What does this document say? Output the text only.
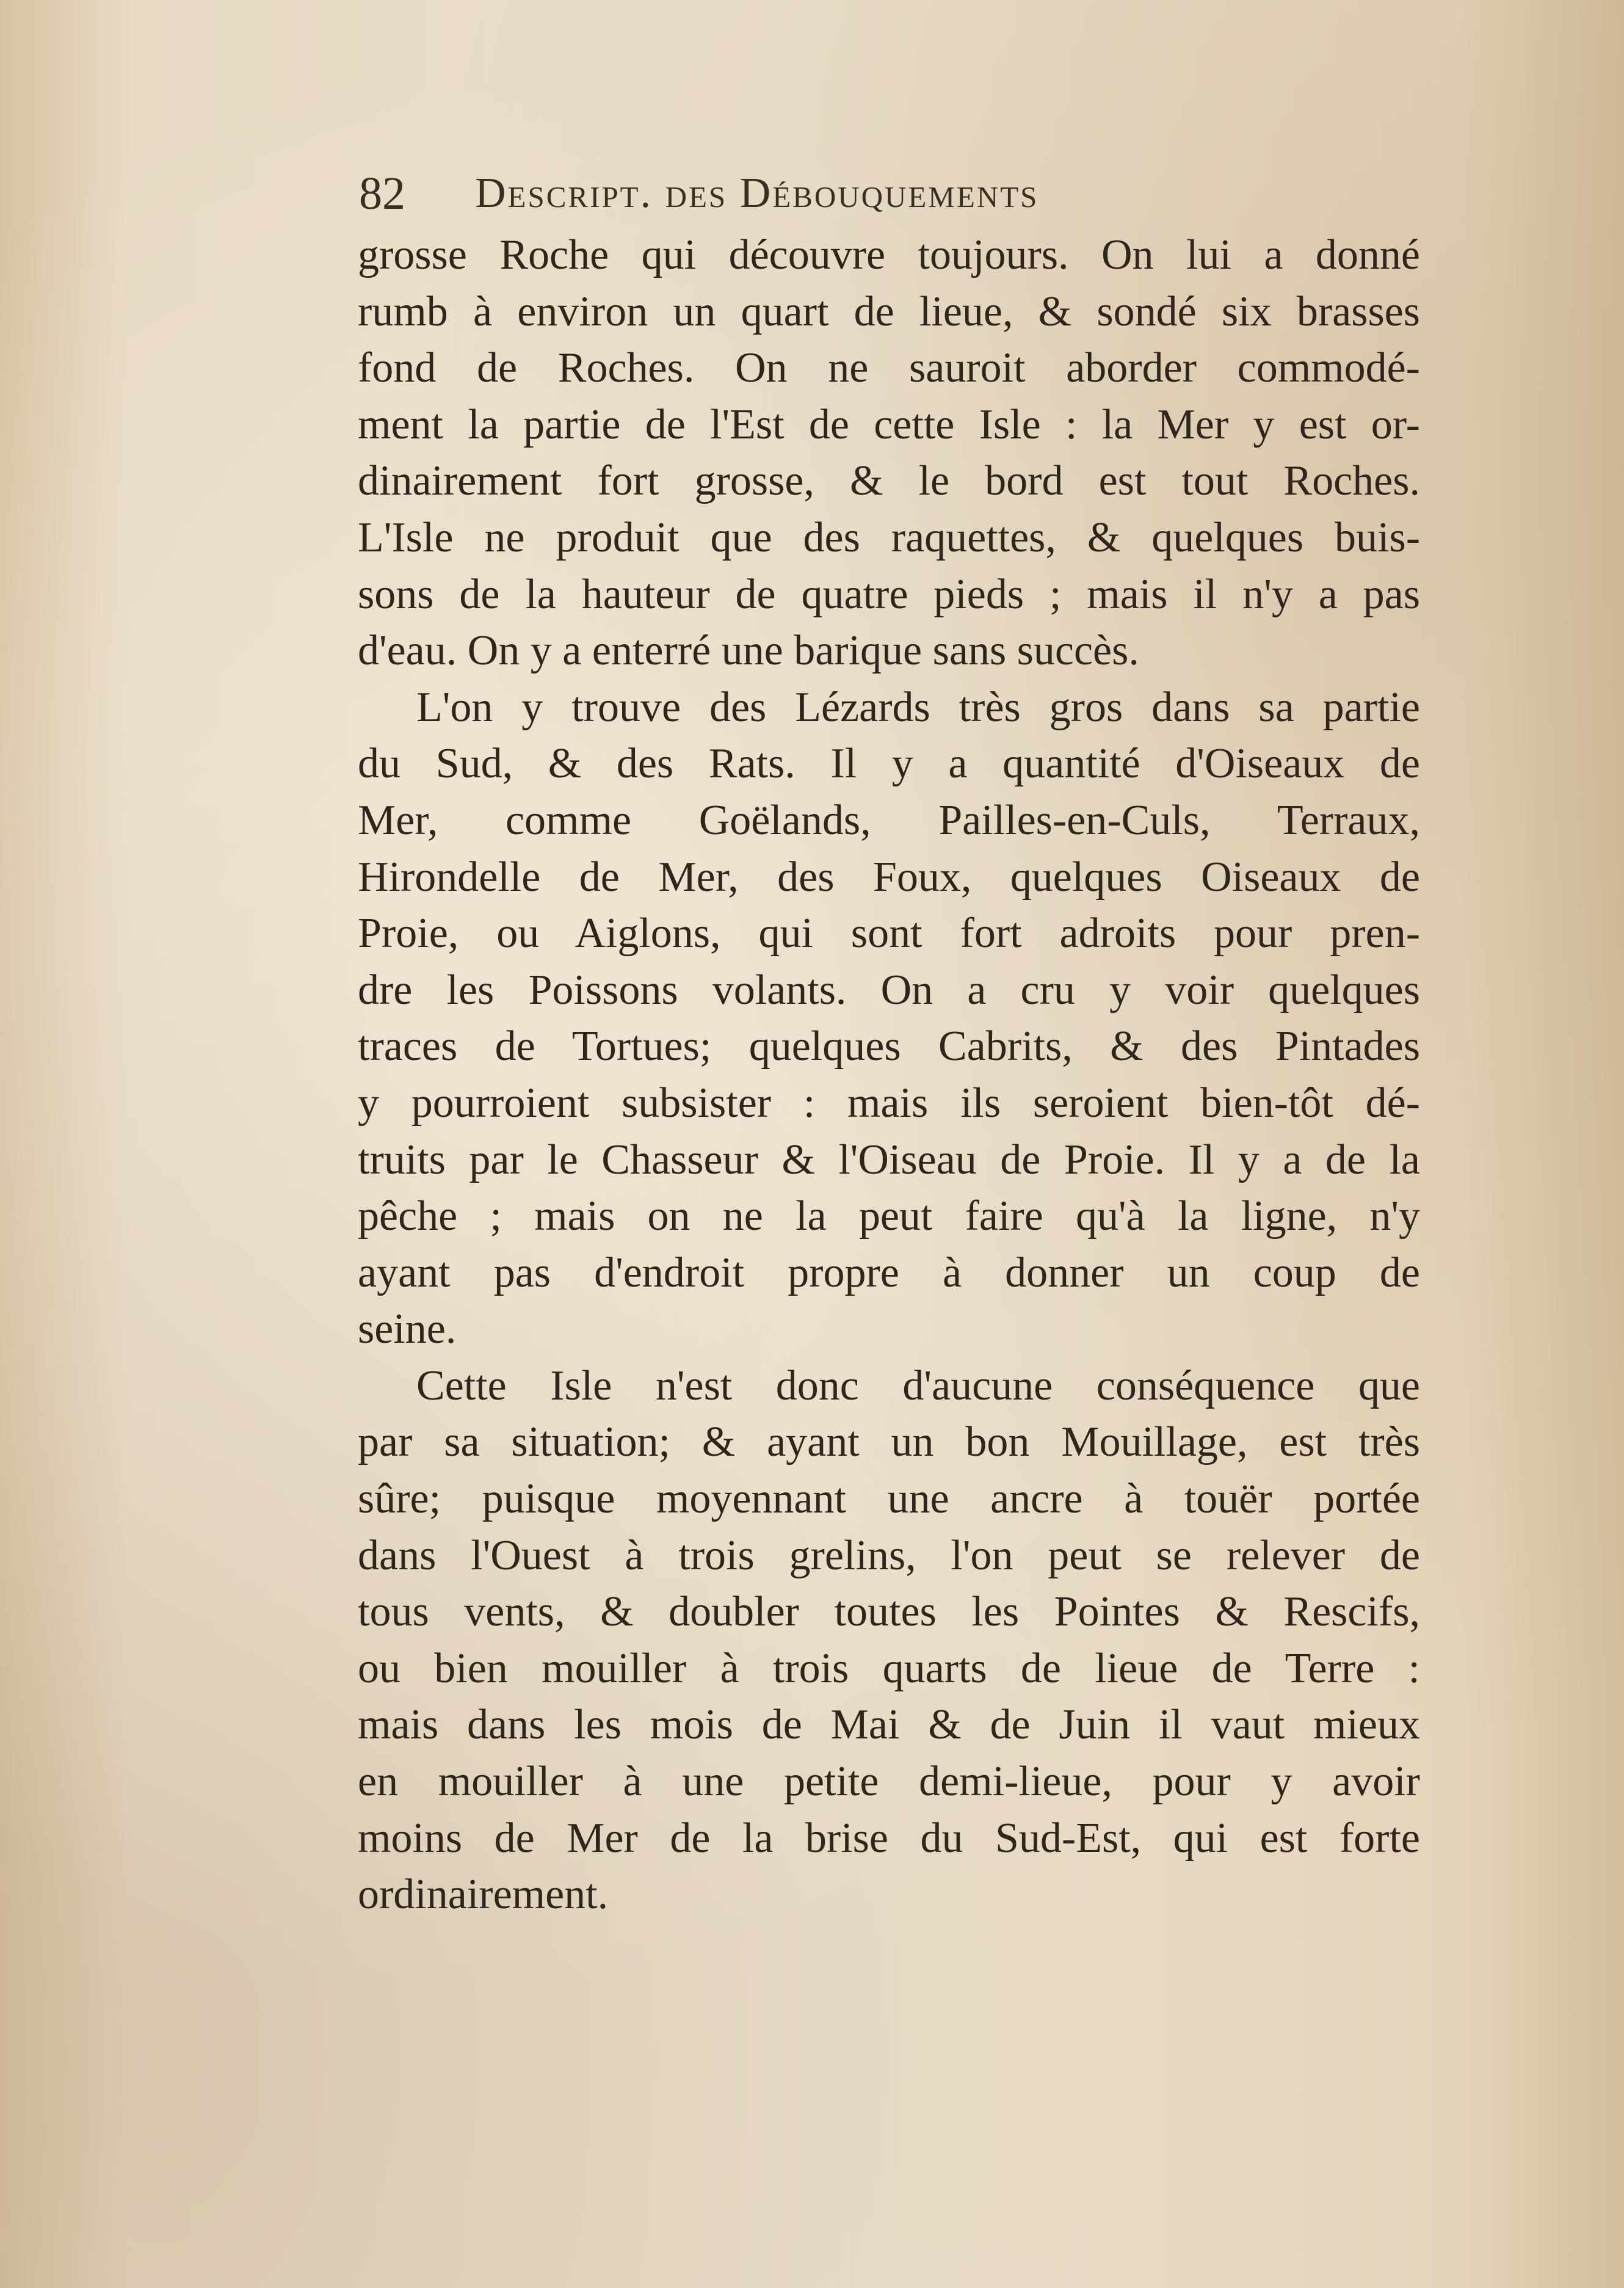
82 Descript. des Débouquements
grosse Roche qui découvre toujours. On lui a donné
rumb à environ un quart de lieue, & sondé six brasses
fond de Roches. On ne sauroit aborder commodé-
ment la partie de l'Est de cette Isle : la Mer y est or-
dinairement fort grosse, & le bord est tout Roches.
L'Isle ne produit que des raquettes, & quelques buis-
sons de la hauteur de quatre pieds ; mais il n'y a pas
d'eau. On y a enterré une barique sans succès.
L'on y trouve des Lézards très gros dans sa partie
du Sud, & des Rats. Il y a quantité d'Oiseaux de
Mer, comme Goëlands, Pailles-en-Culs, Terraux,
Hirondelle de Mer, des Foux, quelques Oiseaux de
Proie, ou Aiglons, qui sont fort adroits pour pren-
dre les Poissons volants. On a cru y voir quelques
traces de Tortues; quelques Cabrits, & des Pintades
y pourroient subsister : mais ils seroient bien-tôt dé-
truits par le Chasseur & l'Oiseau de Proie. Il y a de la
pêche ; mais on ne la peut faire qu'à la ligne, n'y
ayant pas d'endroit propre à donner un coup de
seine.
Cette Isle n'est donc d'aucune conséquence que
par sa situation; & ayant un bon Mouillage, est très
sûre; puisque moyennant une ancre à touër portée
dans l'Ouest à trois grelins, l'on peut se relever de
tous vents, & doubler toutes les Pointes & Rescifs,
ou bien mouiller à trois quarts de lieue de Terre :
mais dans les mois de Mai & de Juin il vaut mieux
en mouiller à une petite demi-lieue, pour y avoir
moins de Mer de la brise du Sud-Est, qui est forte
ordinairement.
